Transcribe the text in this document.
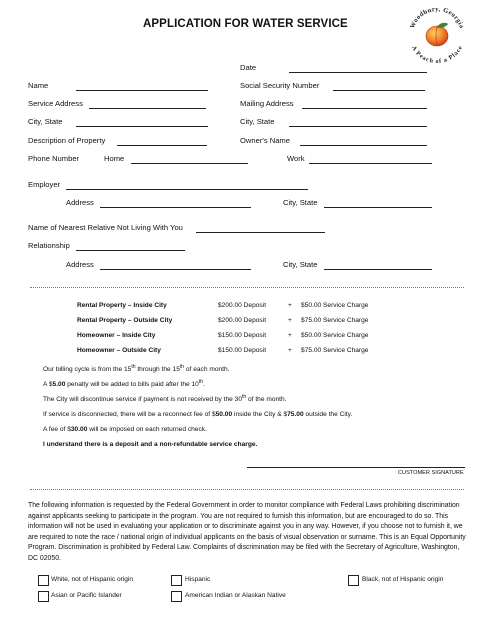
APPLICATION FOR WATER SERVICE	Woodbury, Georgia
A Peach of a Place
Date
Name	Social Security Number
Service Address	Mailing Address
City, State	City, State
Description of Property	Owner's Name
Phone Number	Home	Work
Employer
Address	City, State
Name of Nearest Relative Not Living With You
Relationship
Address	City, State
Rental Property – Inside City	$200.00 Deposit	+ $50.00 Service Charge
Rental Property – Outside City	$200.00 Deposit	+ $75.00 Service Charge
Homeowner – Inside City	$150.00 Deposit	+ $50.00 Service Charge
Homeowner – Outside City	$150.00 Deposit	+ $75.00 Service Charge
Our billing cycle is from the 15th through the 15th of each month.
A $5.00 penalty will be added to bills paid after the 10th.
The City will discontinue service if payment is not received by the 30th of the month.
If service is disconnected, there will be a reconnect fee of $50.00 inside the City & $75.00 outside the City.
A fee of $30.00 will be imposed on each returned check.
I understand there is a deposit and a non-refundable service charge.
CUSTOMER SIGNATURE
The following information is requested by the Federal Government in order to monitor compliance with Federal Laws prohibiting discrimination against applicants seeking to participate in the program. You are not required to furnish this information, but are encouraged to do so. This information will not be used in evaluating your application or to discriminate against you in any way. However, if you choose not to furnish it, we are required to note the race / national origin of individual applicants on the basis of visual observation or surname. This is an Equal Opportunity Program. Discrimination is prohibited by Federal Law. Complaints of discrimination may be filed with the Secretary of Agriculture, Washington, DC 02050.
White, not of Hispanic origin	Hispanic	Black, not of Hispanic origin
Asian or Pacific Islander	American Indian or Alaskan Native
